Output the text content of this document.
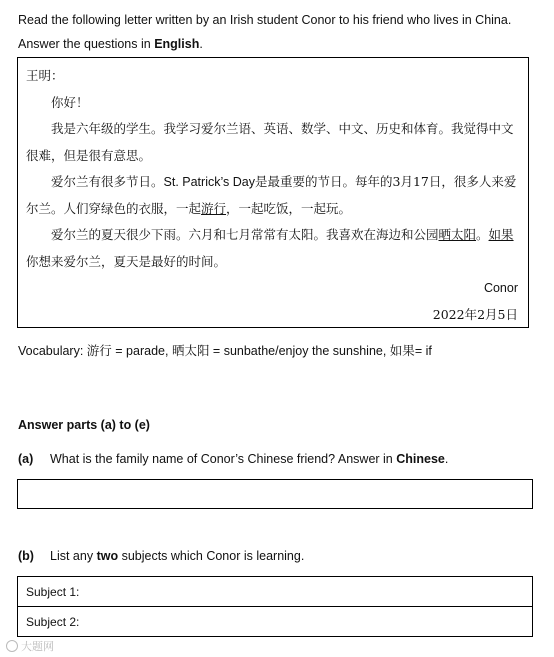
Read the following letter written by an Irish student Conor to his friend who lives in China.
Answer the questions in English.

王明：

你好！

我是六年级的学生。我学习爱尔兰语、英语、数学、中文、历史和体育。我觉得中文很难，但是很有意思。

爱尔兰有很多节日。St. Patrick’s Day是最重要的节日。每年的3月17日，很多人来爱尔兰。人们穿绿色的衣服，一起游行，一起吃饭，一起玩。

爱尔兰的夏天很少下雨。六月和七月常常有太阳。我喜欢在海边和公园晒太阳。如果你想来爱尔兰，夏天是最好的时间。

Conor

2022年2月5日

Vocabulary: 游行 = parade, 晒太阳 = sunbathe/enjoy the sunshine, 如果= if
Answer parts (a) to (e)
(a) What is the family name of Conor’s Chinese friend? Answer in Chinese.
(b) List any two subjects which Conor is learning.
Subject 1:
Subject 2:
大题网
